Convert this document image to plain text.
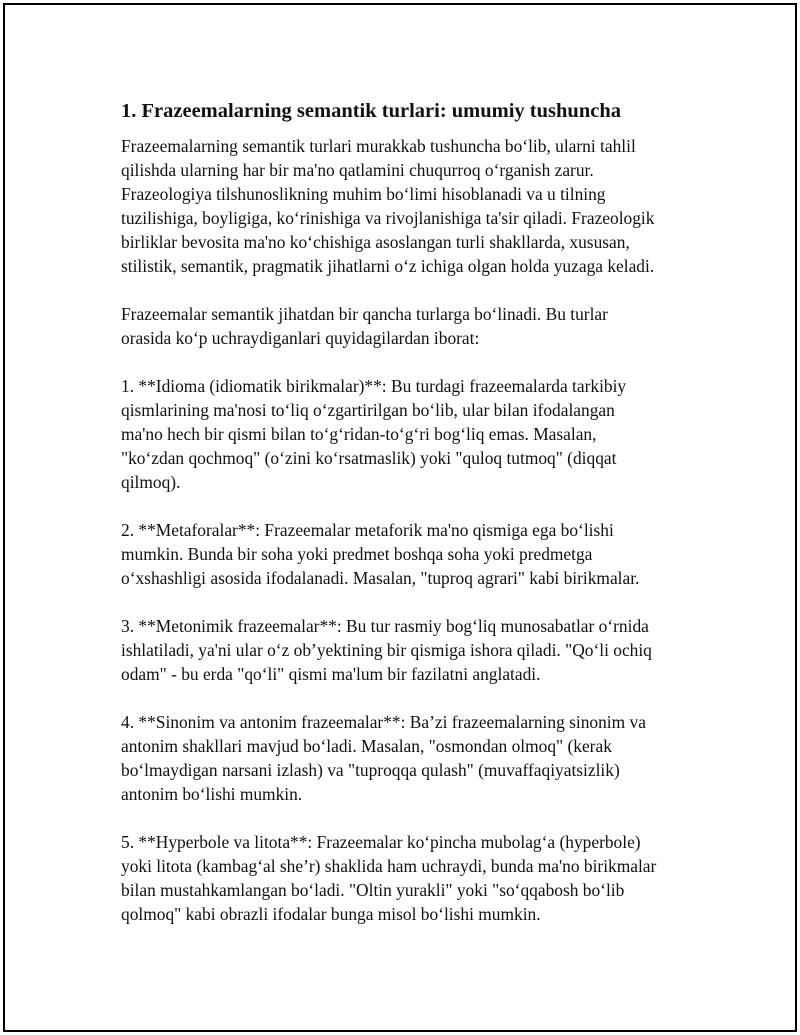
1. Frazeemalarning semantik turlari: umumiy tushuncha

Frazeemalarning semantik turlari murakkab tushuncha bo‘lib, ularni tahlil
qilishda ularning har bir ma'no qatlamini chuqurroq o‘rganish zarur.
Frazeologiya tilshunoslikning muhim bo‘limi hisoblanadi va u tilning
tuzilishiga, boyligiga, ko‘rinishiga va rivojlanishiga ta'sir qiladi. Frazeologik
birliklar bevosita ma'no ko‘chishiga asoslangan turli shakllarda, xususan,
stilistik, semantik, pragmatik jihatlarni o‘z ichiga olgan holda yuzaga keladi.

Frazeemalar semantik jihatdan bir qancha turlarga bo‘linadi. Bu turlar
orasida ko‘p uchraydiganlari quyidagilardan iborat:

1. **Idioma (idiomatik birikmalar)**: Bu turdagi frazeemalarda tarkibiy
qismlarining ma'nosi to‘liq o‘zgartirilgan bo‘lib, ular bilan ifodalangan
ma'no hech bir qismi bilan to‘g‘ridan-to‘g‘ri bog‘liq emas. Masalan,
"ko‘zdan qochmoq" (o‘zini ko‘rsatmaslik) yoki "quloq tutmoq" (diqqat
qilmoq).

2. **Metaforalar**: Frazeemalar metaforik ma'no qismiga ega bo‘lishi
mumkin. Bunda bir soha yoki predmet boshqa soha yoki predmetga
o‘xshashligi asosida ifodalanadi. Masalan, "tuproq agrari" kabi birikmalar.

3. **Metonimik frazeemalar**: Bu tur rasmiy bog‘liq munosabatlar o‘rnida
ishlatiladi, ya'ni ular o‘z ob’yektining bir qismiga ishora qiladi. "Qo‘li ochiq
odam" - bu erda "qo‘li" qismi ma'lum bir fazilatni anglatadi.

4. **Sinonim va antonim frazeemalar**: Ba’zi frazeemalarning sinonim va
antonim shakllari mavjud bo‘ladi. Masalan, "osmondan olmoq" (kerak
bo‘lmaydigan narsani izlash) va "tuproqqa qulash" (muvaffaqiyatsizlik)
antonim bo‘lishi mumkin.

5. **Hyperbole va litota**: Frazeemalar ko‘pincha mubolag‘a (hyperbole)
yoki litota (kambag‘al she’r) shaklida ham uchraydi, bunda ma'no birikmalar
bilan mustahkamlangan bo‘ladi. "Oltin yurakli" yoki "so‘qqabosh bo‘lib
qolmoq" kabi obrazli ifodalar bunga misol bo‘lishi mumkin.
